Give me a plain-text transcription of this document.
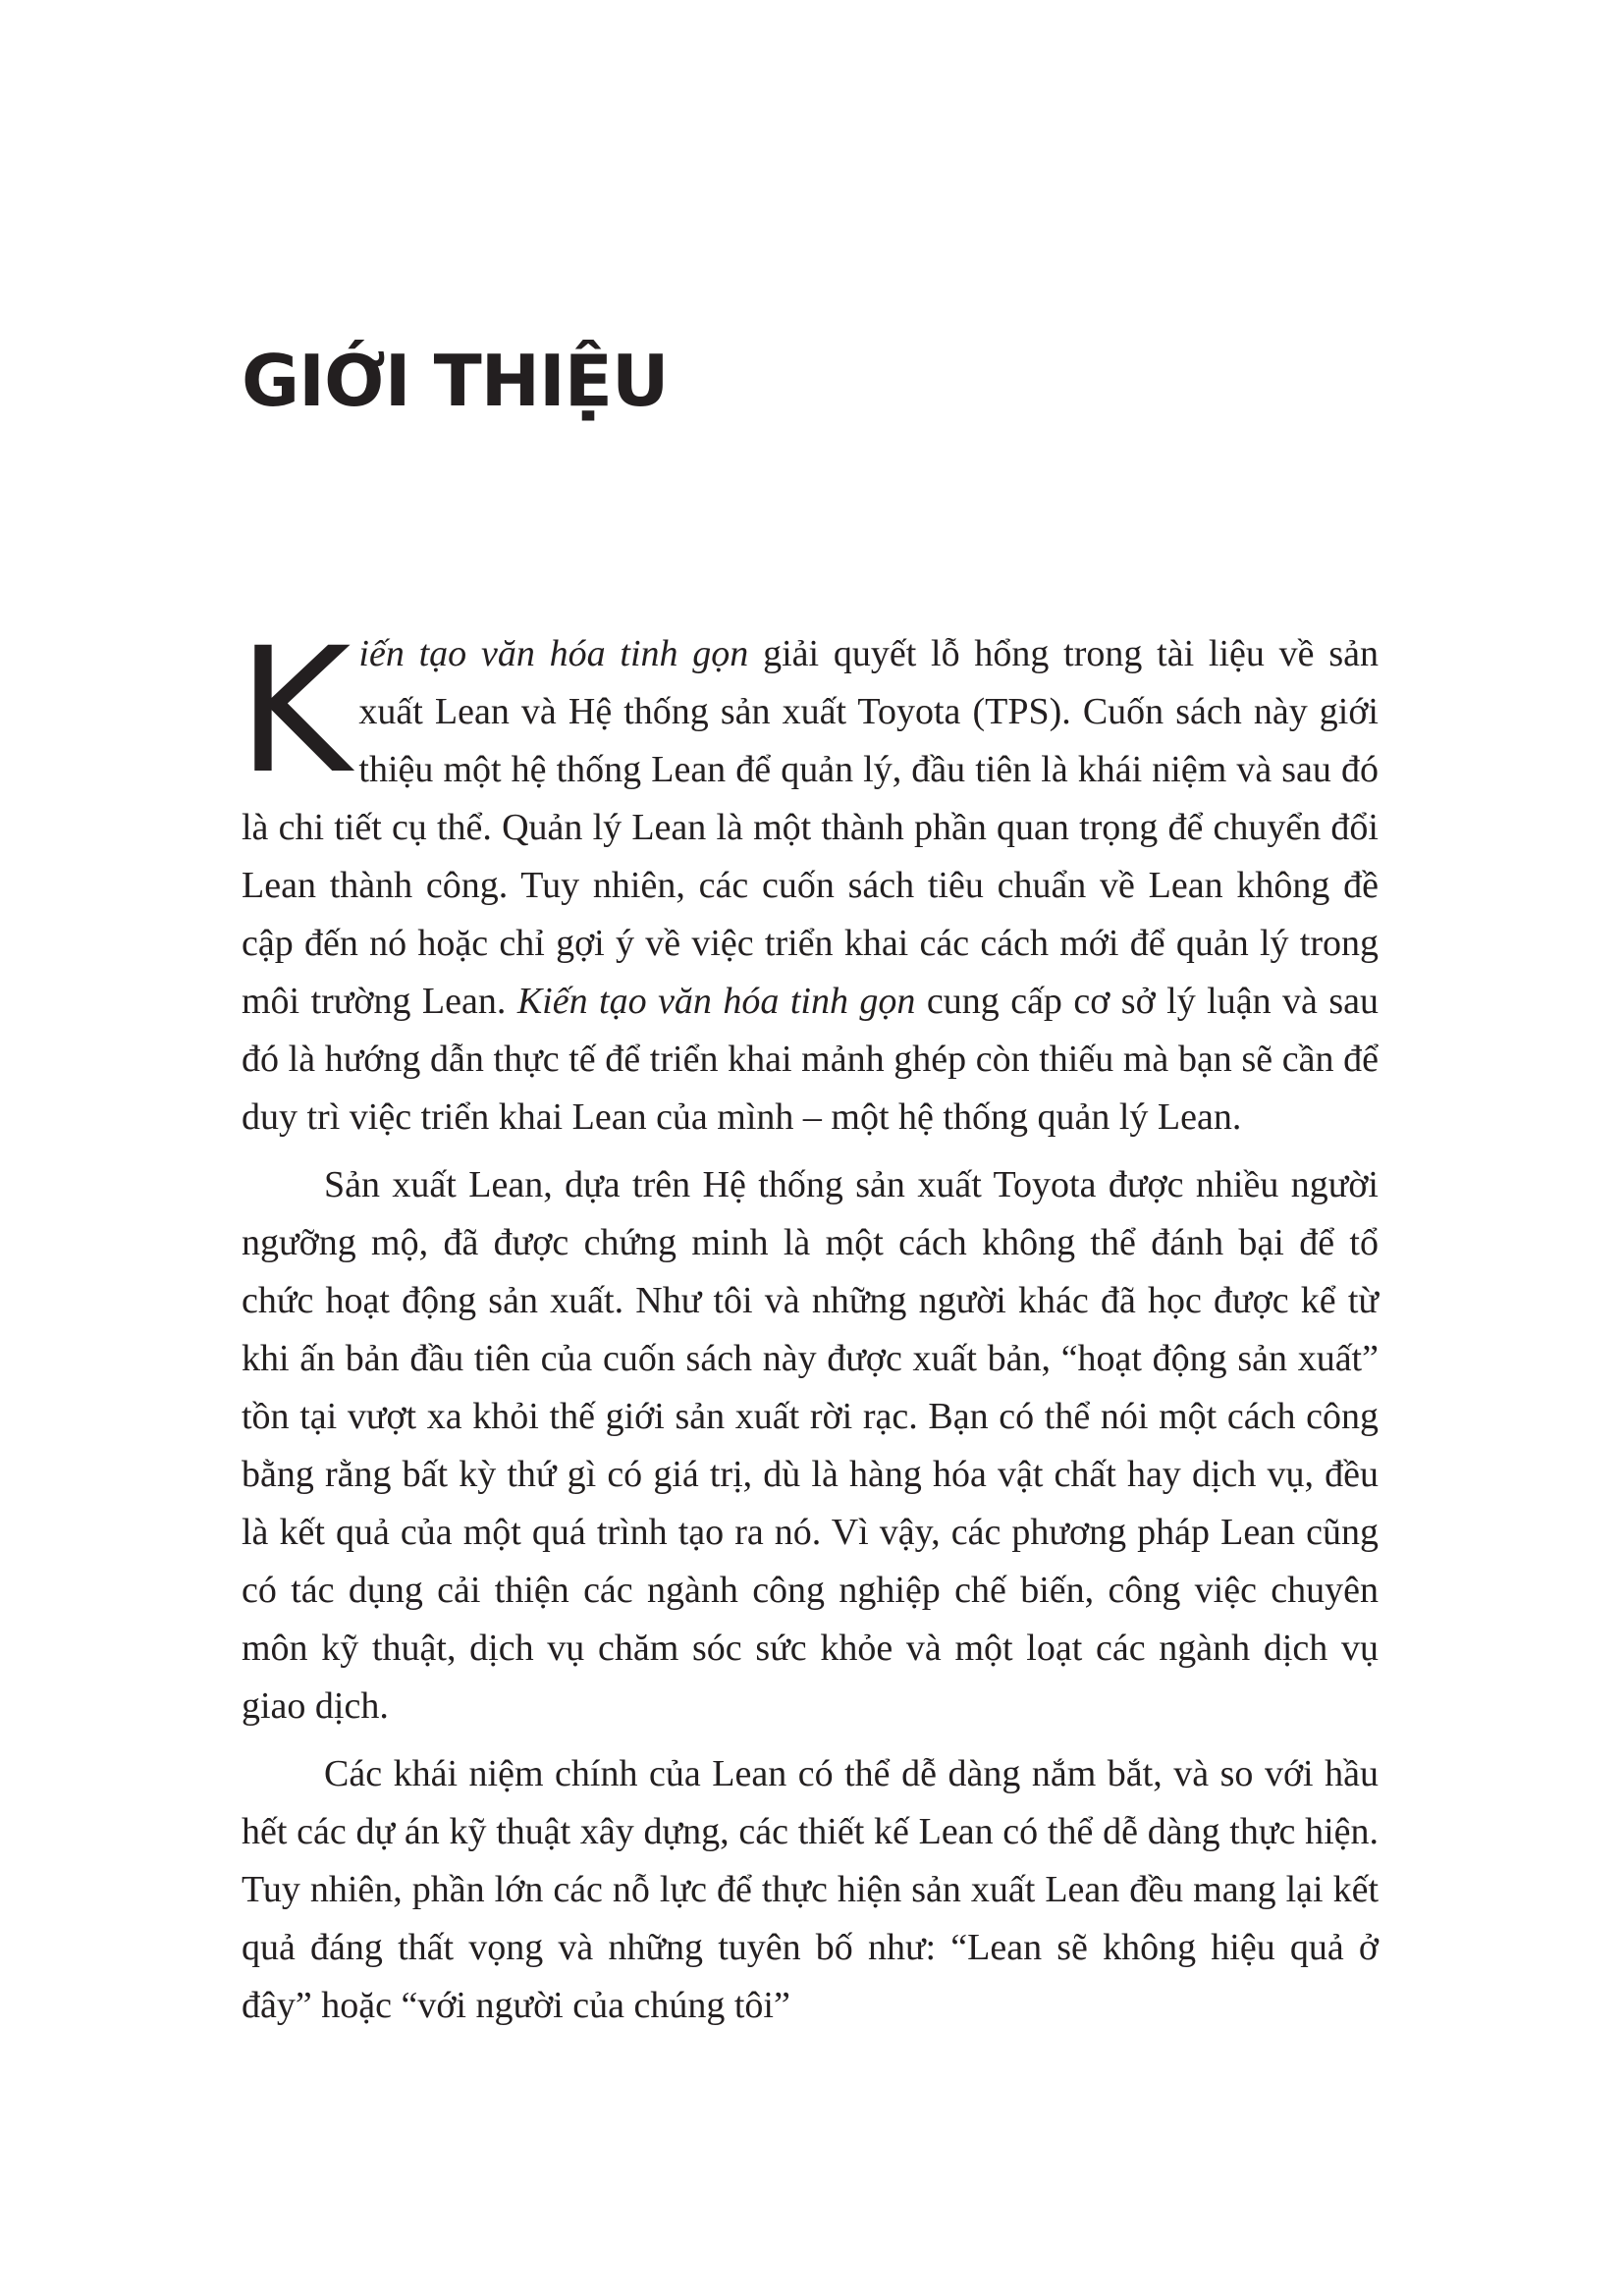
GIỚI THIỆU

Kiến tạo văn hóa tinh gọn giải quyết lỗ hổng trong tài liệu về sản xuất Lean và Hệ thống sản xuất Toyota (TPS). Cuốn sách này giới thiệu một hệ thống Lean để quản lý, đầu tiên là khái niệm và sau đó là chi tiết cụ thể. Quản lý Lean là một thành phần quan trọng để chuyển đổi Lean thành công. Tuy nhiên, các cuốn sách tiêu chuẩn về Lean không đề cập đến nó hoặc chỉ gợi ý về việc triển khai các cách mới để quản lý trong môi trường Lean. Kiến tạo văn hóa tinh gọn cung cấp cơ sở lý luận và sau đó là hướng dẫn thực tế để triển khai mảnh ghép còn thiếu mà bạn sẽ cần để duy trì việc triển khai Lean của mình – một hệ thống quản lý Lean.

Sản xuất Lean, dựa trên Hệ thống sản xuất Toyota được nhiều người ngưỡng mộ, đã được chứng minh là một cách không thể đánh bại để tổ chức hoạt động sản xuất. Như tôi và những người khác đã học được kể từ khi ấn bản đầu tiên của cuốn sách này được xuất bản, “hoạt động sản xuất” tồn tại vượt xa khỏi thế giới sản xuất rời rạc. Bạn có thể nói một cách công bằng rằng bất kỳ thứ gì có giá trị, dù là hàng hóa vật chất hay dịch vụ, đều là kết quả của một quá trình tạo ra nó. Vì vậy, các phương pháp Lean cũng có tác dụng cải thiện các ngành công nghiệp chế biến, công việc chuyên môn kỹ thuật, dịch vụ chăm sóc sức khỏe và một loạt các ngành dịch vụ giao dịch.

Các khái niệm chính của Lean có thể dễ dàng nắm bắt, và so với hầu hết các dự án kỹ thuật xây dựng, các thiết kế Lean có thể dễ dàng thực hiện. Tuy nhiên, phần lớn các nỗ lực để thực hiện sản xuất Lean đều mang lại kết quả đáng thất vọng và những tuyên bố như: “Lean sẽ không hiệu quả ở đây” hoặc “với người của chúng tôi”
